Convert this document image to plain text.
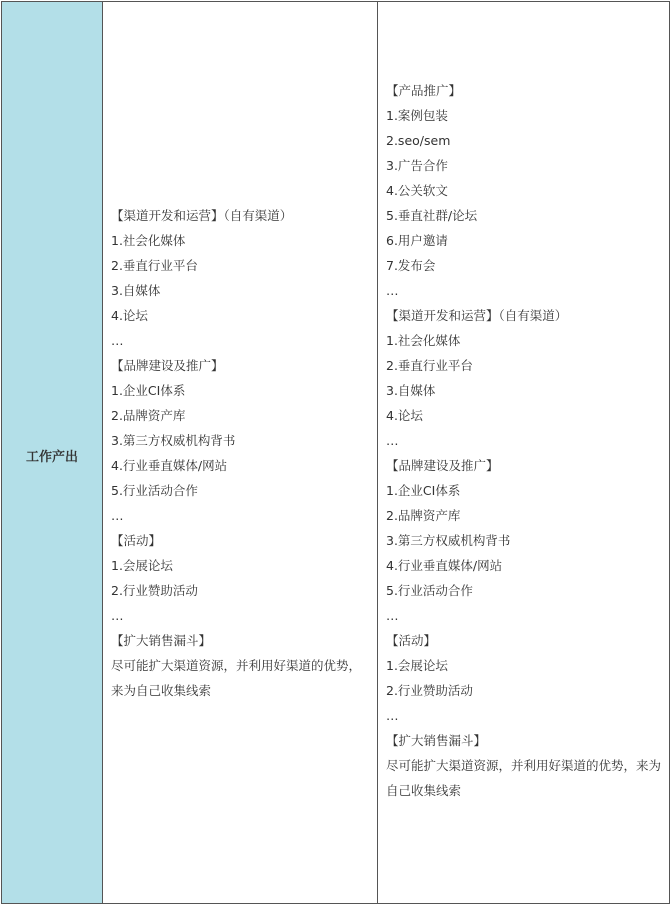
工作产出
【渠道开发和运营】（自有渠道）
1.社会化媒体
2.垂直行业平台
3.自媒体
4.论坛
…
【品牌建设及推广】
1.企业CI体系
2.品牌资产库
3.第三方权威机构背书
4.行业垂直媒体/网站
5.行业活动合作
…
【活动】
1.会展论坛
2.行业赞助活动
…
【扩大销售漏斗】
尽可能扩大渠道资源，并利用好渠道的优势，来为自己收集线索
【产品推广】
1.案例包装
2.seo/sem
3.广告合作
4.公关软文
5.垂直社群/论坛
6.用户邀请
7.发布会
…
【渠道开发和运营】（自有渠道）
1.社会化媒体
2.垂直行业平台
3.自媒体
4.论坛
…
【品牌建设及推广】
1.企业CI体系
2.品牌资产库
3.第三方权威机构背书
4.行业垂直媒体/网站
5.行业活动合作
…
【活动】
1.会展论坛
2.行业赞助活动
…
【扩大销售漏斗】
尽可能扩大渠道资源，并利用好渠道的优势，来为自己收集线索
